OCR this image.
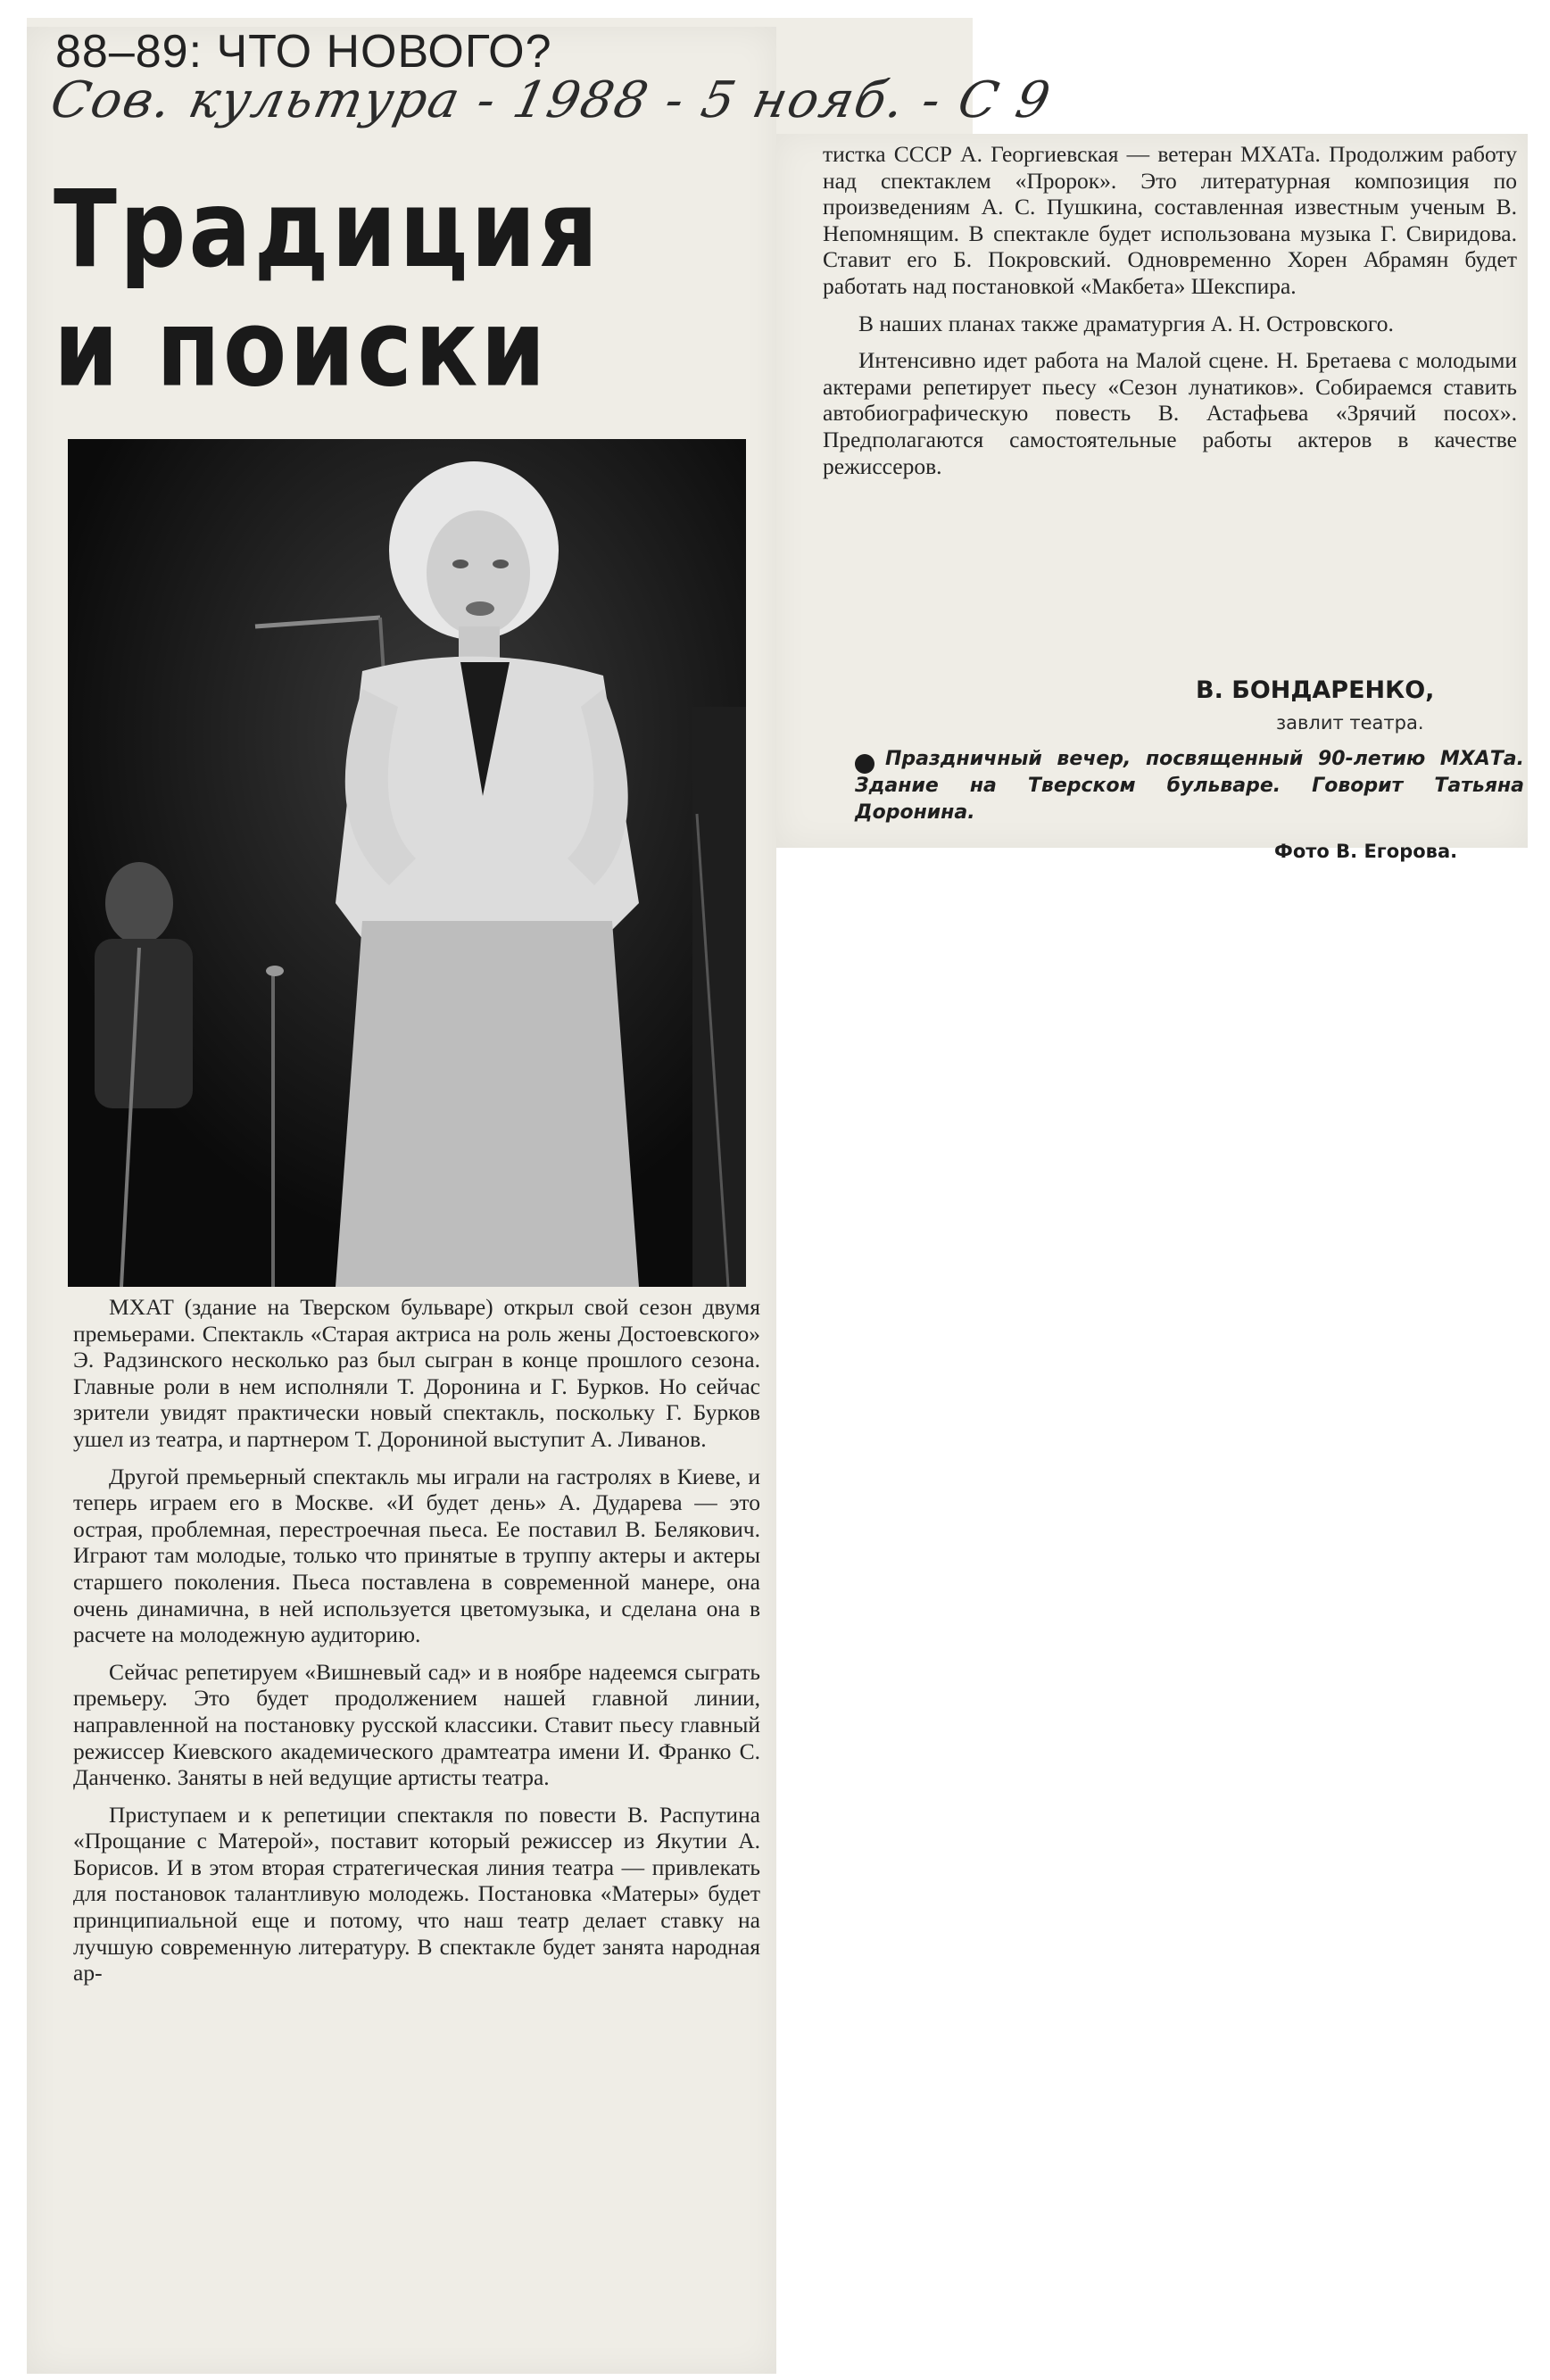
88–89: ЧТО НОВОГО?
Сов. культура - 1988 - 5 нояб. - С 9
Традиция
и поиски

МХАТ (здание на Тверском бульваре) открыл свой сезон двумя премьерами. Спектакль «Старая актриса на роль жены Достоевского» Э. Радзинского несколько раз был сыгран в конце прошлого сезона. Главные роли в нем исполняли Т. Доронина и Г. Бурков. Но сейчас зрители увидят практически новый спектакль, поскольку Г. Бурков ушел из театра, и партнером Т. Дорониной выступит А. Ливанов.

Другой премьерный спектакль мы играли на гастролях в Киеве, и теперь играем его в Москве. «И будет день» А. Дударева — это острая, проблемная, перестроечная пьеса. Ее поставил В. Белякович. Играют там молодые, только что принятые в труппу актеры и актеры старшего поколения. Пьеса поставлена в современной манере, она очень динамична, в ней используется цветомузыка, и сделана она в расчете на молодежную аудиторию.

Сейчас репетируем «Вишневый сад» и в ноябре надеемся сыграть премьеру. Это будет продолжением нашей главной линии, направленной на постановку русской классики. Ставит пьесу главный режиссер Киевского академического драмтеатра имени И. Франко С. Данченко. Заняты в ней ведущие артисты театра.

Приступаем и к репетиции спектакля по повести В. Распутина «Прощание с Матерой», поставит который режиссер из Якутии А. Борисов. И в этом вторая стратегическая линия театра — привлекать для постановок талантливую молодежь. Постановка «Матеры» будет принципиальной еще и потому, что наш театр делает ставку на лучшую современную литературу. В спектакле будет занята народная ар-

тистка СССР А. Георгиевская — ветеран МХАТа. Продолжим работу над спектаклем «Пророк». Это литературная композиция по произведениям А. С. Пушкина, составленная известным ученым В. Непомнящим. В спектакле будет использована музыка Г. Свиридова. Ставит его Б. Покровский. Одновременно Хорен Абрамян будет работать над постановкой «Макбета» Шекспира.

В наших планах также драматургия А. Н. Островского.

Интенсивно идет работа на Малой сцене. Н. Бретаева с молодыми актерами репетирует пьесу «Сезон лунатиков». Собираемся ставить автобиографическую повесть В. Астафьева «Зрячий посох». Предполагаются самостоятельные работы актеров в качестве режиссеров.

В. БОНДАРЕНКО,
завлит театра.
Праздничный вечер, посвященный 90-летию МХАТа. Здание на Тверском бульваре. Говорит Татьяна Доронина.
Фото В. Егорова.
